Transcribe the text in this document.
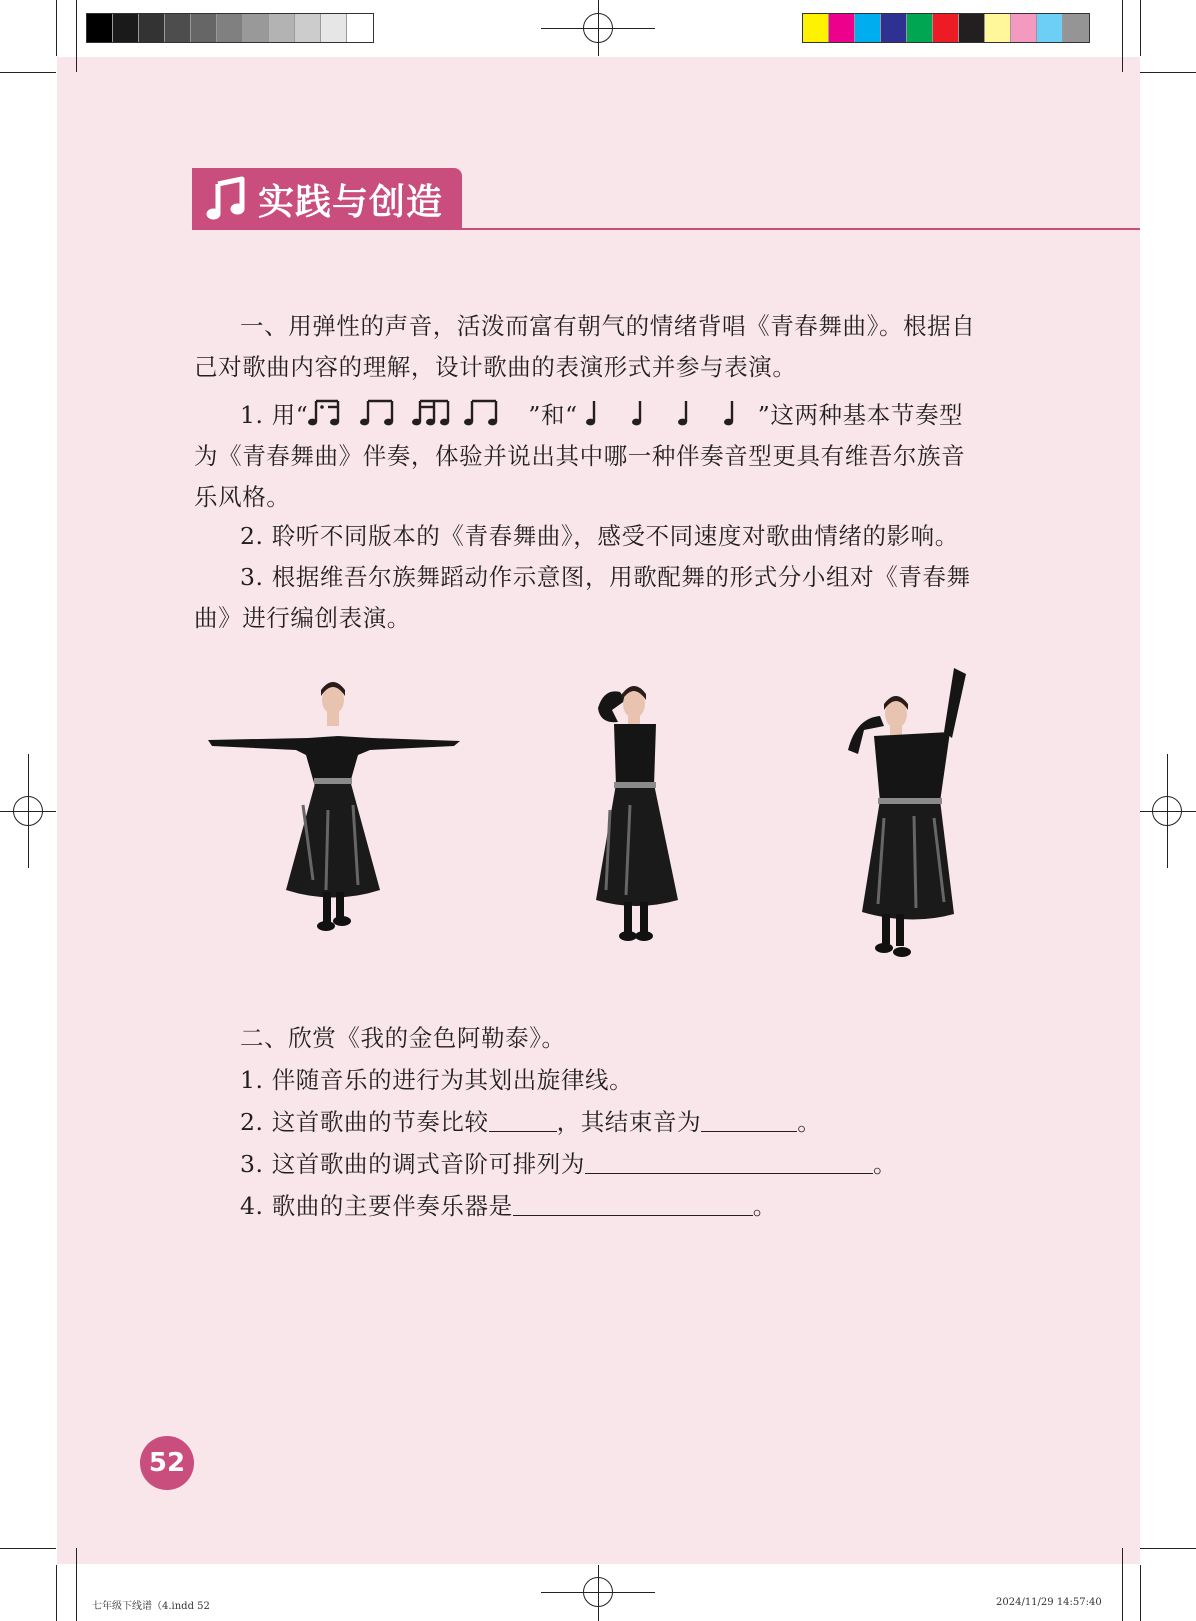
实践与创造
一、用弹性的声音，活泼而富有朝气的情绪背唱《青春舞曲》。根据自己对歌曲内容的理解，设计歌曲的表演形式并参与表演。
1. 用“	”和“	”这两种基本节奏型为《青春舞曲》伴奏，体验并说出其中哪一种伴奏音型更具有维吾尔族音乐风格。
2. 聆听不同版本的《青春舞曲》，感受不同速度对歌曲情绪的影响。
3. 根据维吾尔族舞蹈动作示意图，用歌配舞的形式分小组对《青春舞曲》进行编创表演。
二、欣赏《我的金色阿勒泰》。
1. 伴随音乐的进行为其划出旋律线。
2. 这首歌曲的节奏比较	，其结束音为	。
3. 这首歌曲的调式音阶可排列为	。
4. 歌曲的主要伴奏乐器是	。
52
七年级下线谱（4.indd 52	2024/11/29 14:57:40
